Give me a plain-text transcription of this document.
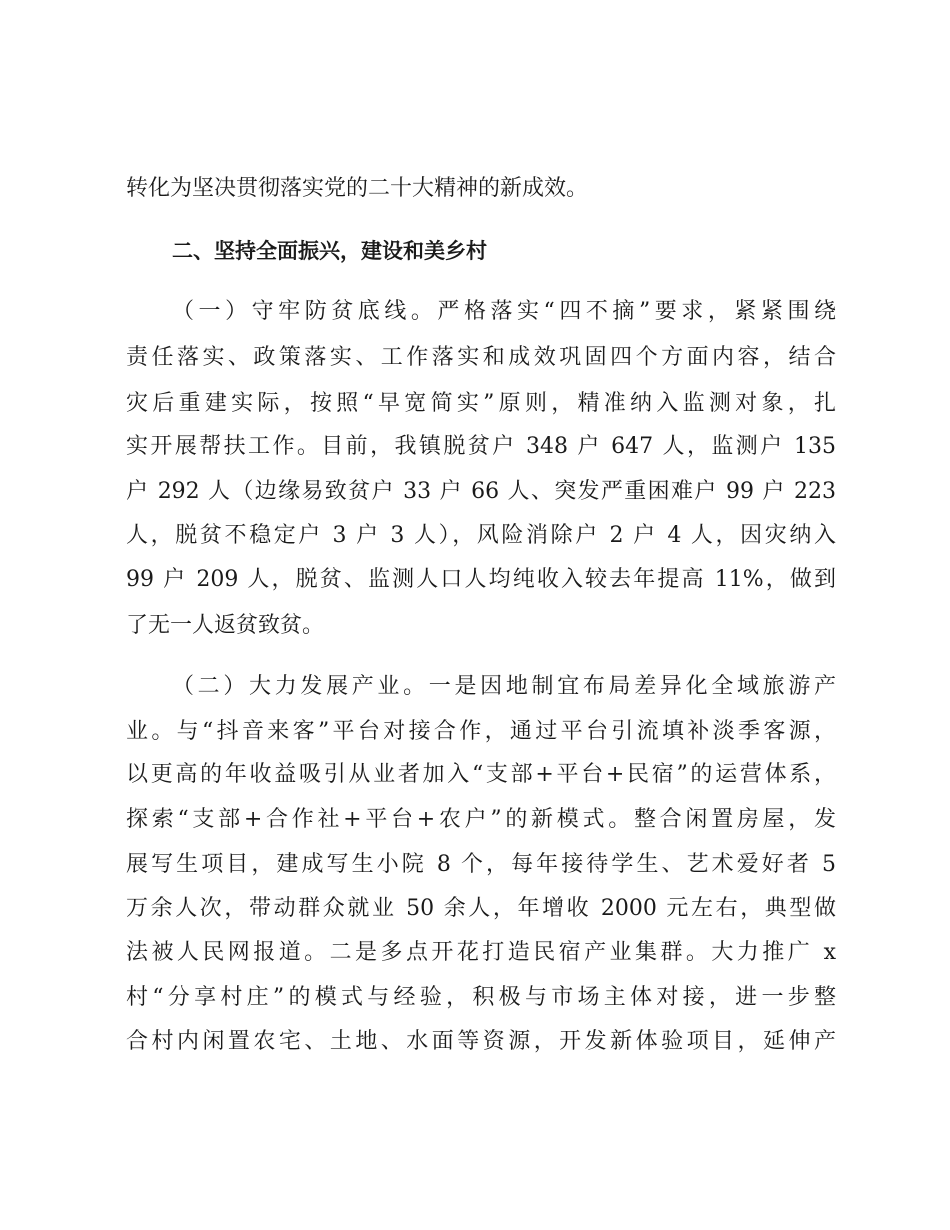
转化为坚决贯彻落实党的二十大精神的新成效。
二、坚持全面振兴，建设和美乡村
（一）守牢防贫底线。严格落实“四不摘”要求，紧紧围绕
责任落实、政策落实、工作落实和成效巩固四个方面内容，结合
灾后重建实际，按照“早宽简实”原则，精准纳入监测对象，扎
实开展帮扶工作。目前，我镇脱贫户 348 户 647 人，监测户 135
户 292 人（边缘易致贫户 33 户 66 人、突发严重困难户 99 户 223
人，脱贫不稳定户 3 户 3 人），风险消除户 2 户 4 人，因灾纳入
99 户 209 人，脱贫、监测人口人均纯收入较去年提高 11%，做到
了无一人返贫致贫。
（二）大力发展产业。一是因地制宜布局差异化全域旅游产
业。与“抖音来客”平台对接合作，通过平台引流填补淡季客源，
以更高的年收益吸引从业者加入“支部+平台+民宿”的运营体系，
探索“支部+合作社+平台+农户”的新模式。整合闲置房屋，发
展写生项目，建成写生小院 8 个，每年接待学生、艺术爱好者 5
万余人次，带动群众就业 50 余人，年增收 2000 元左右，典型做
法被人民网报道。二是多点开花打造民宿产业集群。大力推广 x
村“分享村庄”的模式与经验，积极与市场主体对接，进一步整
合村内闲置农宅、土地、水面等资源，开发新体验项目，延伸产
